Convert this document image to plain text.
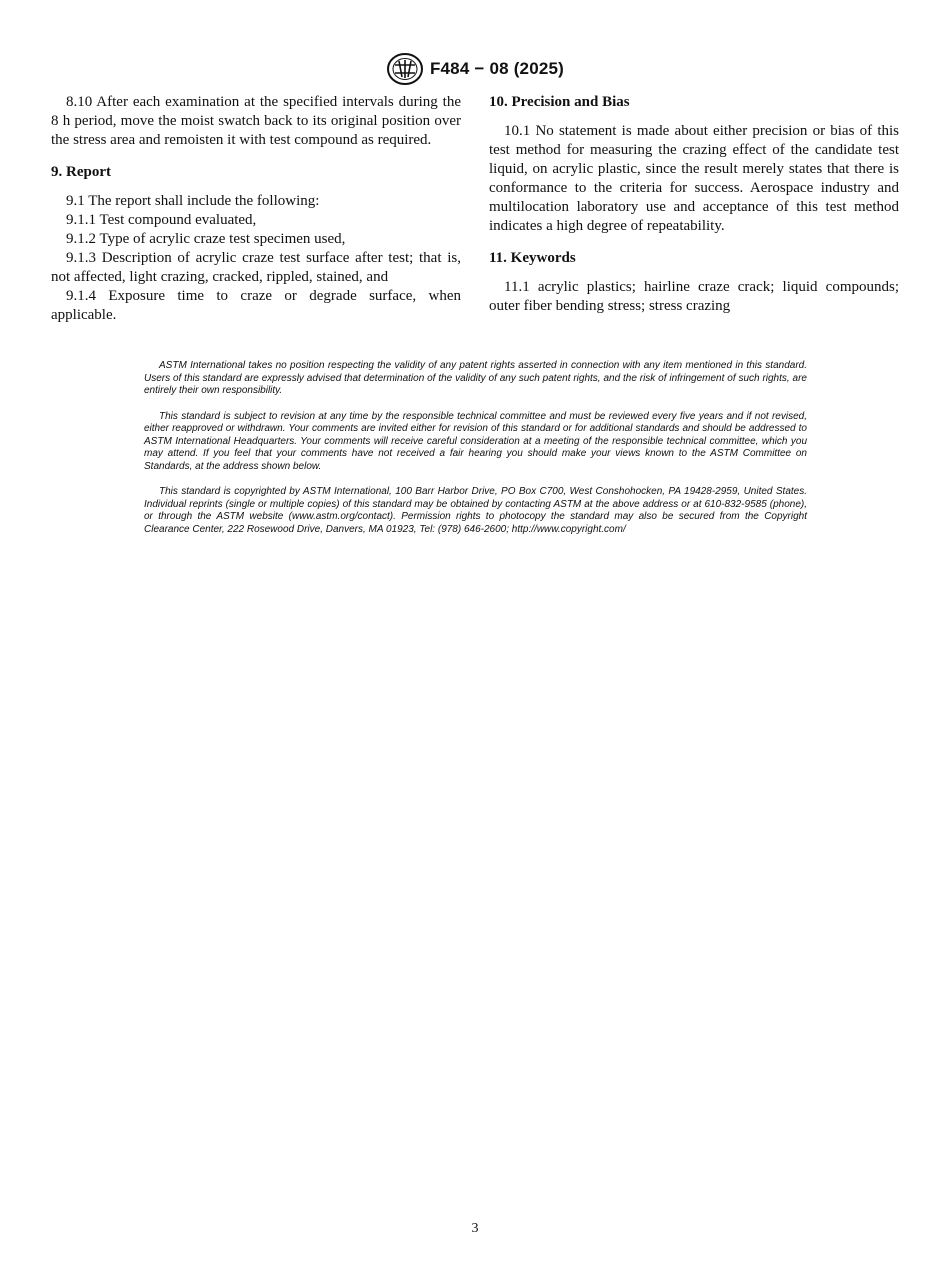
F484 − 08 (2025)

8.10 After each examination at the specified intervals during the 8 h period, move the moist swatch back to its original position over the stress area and remoisten it with test compound as required.

9. Report

9.1 The report shall include the following:

9.1.1 Test compound evaluated,

9.1.2 Type of acrylic craze test specimen used,

9.1.3 Description of acrylic craze test surface after test; that is, not affected, light crazing, cracked, rippled, stained, and

9.1.4 Exposure time to craze or degrade surface, when applicable.

10. Precision and Bias

10.1 No statement is made about either precision or bias of this test method for measuring the crazing effect of the candidate test liquid, on acrylic plastic, since the result merely states that there is conformance to the criteria for success. Aerospace industry and multilocation laboratory use and acceptance of this test method indicates a high degree of repeatability.

11. Keywords

11.1 acrylic plastics; hairline craze crack; liquid compounds; outer fiber bending stress; stress crazing

ASTM International takes no position respecting the validity of any patent rights asserted in connection with any item mentioned in this standard. Users of this standard are expressly advised that determination of the validity of any such patent rights, and the risk of infringement of such rights, are entirely their own responsibility.

This standard is subject to revision at any time by the responsible technical committee and must be reviewed every five years and if not revised, either reapproved or withdrawn. Your comments are invited either for revision of this standard or for additional standards and should be addressed to ASTM International Headquarters. Your comments will receive careful consideration at a meeting of the responsible technical committee, which you may attend. If you feel that your comments have not received a fair hearing you should make your views known to the ASTM Committee on Standards, at the address shown below.

This standard is copyrighted by ASTM International, 100 Barr Harbor Drive, PO Box C700, West Conshohocken, PA 19428-2959, United States. Individual reprints (single or multiple copies) of this standard may be obtained by contacting ASTM at the above address or at 610-832-9585 (phone), or through the ASTM website (www.astm.org/contact). Permission rights to photocopy the standard may also be secured from the Copyright Clearance Center, 222 Rosewood Drive, Danvers, MA 01923, Tel: (978) 646-2600; http://www.copyright.com/

3
